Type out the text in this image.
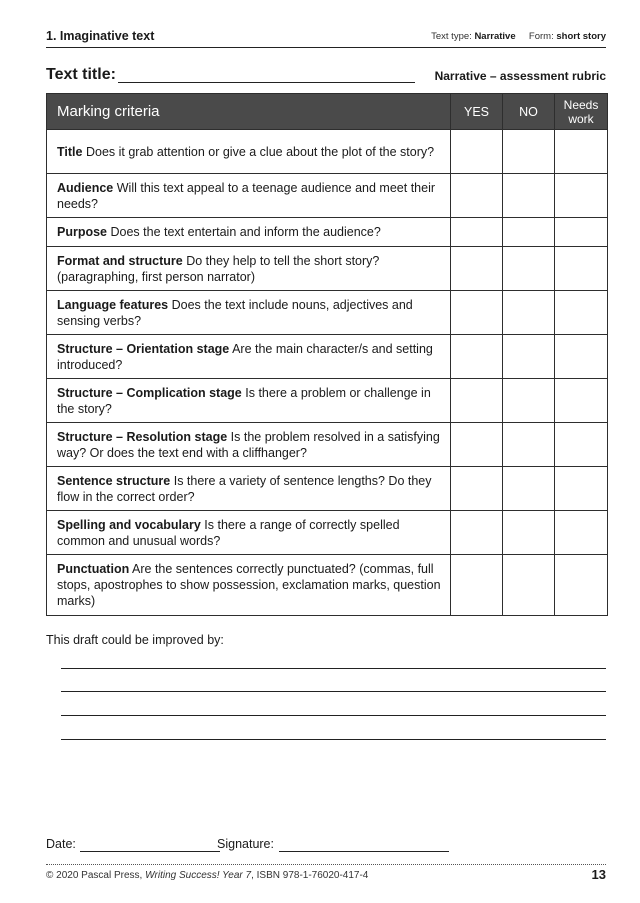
1. Imaginative text	Text type: Narrative Form: short story
Text title:	Narrative – assessment rubric
Marking criteria	YES	NO	Needs
work
Title Does it grab attention or give a clue about the plot of the story?			
Audience Will this text appeal to a teenage audience and meet their needs?			
Purpose Does the text entertain and inform the audience?			
Format and structure Do they help to tell the short story? (paragraphing, first person narrator)			
Language features Does the text include nouns, adjectives and sensing verbs?			
Structure – Orientation stage Are the main character/s and setting introduced?			
Structure – Complication stage Is there a problem or challenge in the story?			
Structure – Resolution stage Is the problem resolved in a satisfying way? Or does the text end with a cliffhanger?			
Sentence structure Is there a variety of sentence lengths? Do they flow in the correct order?			
Spelling and vocabulary Is there a range of correctly spelled common and unusual words?			
Punctuation Are the sentences correctly punctuated? (commas, full stops, apostrophes to show possession, exclamation marks, question marks)			
This draft could be improved by:
Date:	Signature:
© 2020 Pascal Press, Writing Success! Year 7, ISBN 978-1-76020-417-4	13
